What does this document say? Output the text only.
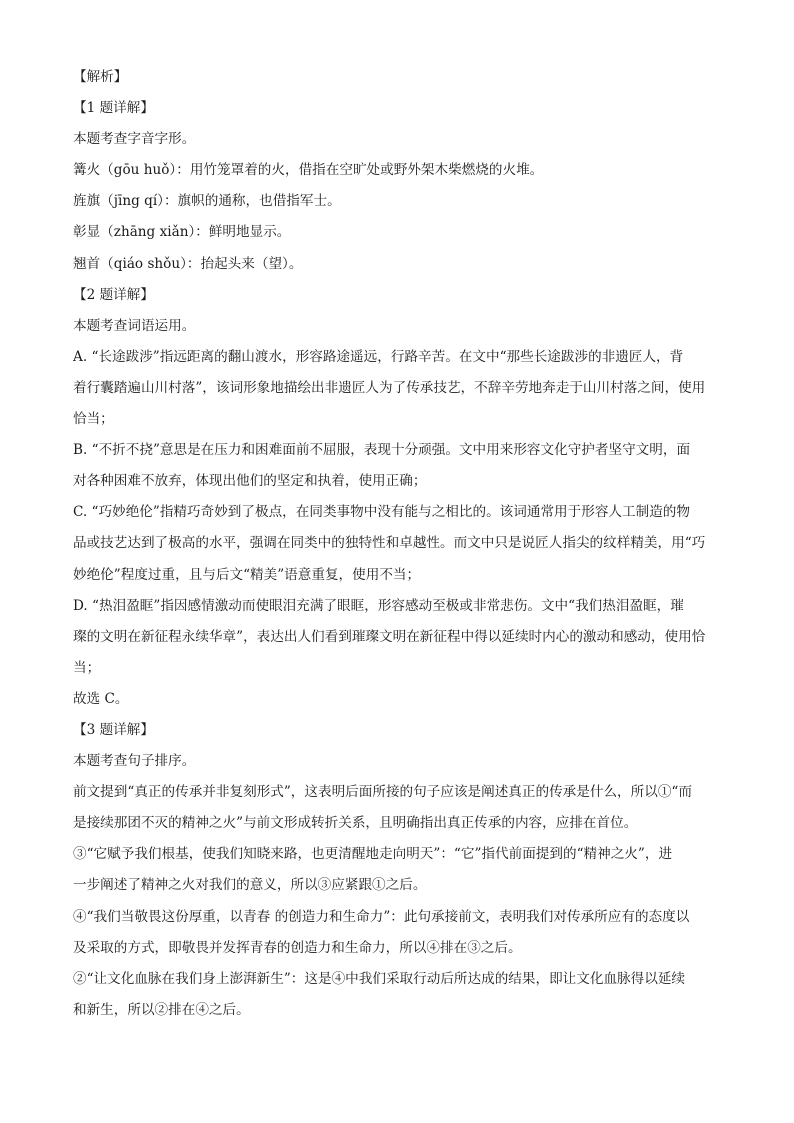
【解析】

【1 题详解】

本题考查字音字形。

篝火（gōu huǒ）：用竹笼罩着的火，借指在空旷处或野外架木柴燃烧的火堆。

旌旗（jīng qí）：旗帜的通称，也借指军士。

彰显（zhāng xiǎn）：鲜明地显示。

翘首（qiáo shǒu）：抬起头来（望）。

【2 题详解】

本题考查词语运用。

A. “长途跋涉”指远距离的翻山渡水，形容路途遥远，行路辛苦。在文中“那些长途跋涉的非遗匠人，背

着行囊踏遍山川村落”，该词形象地描绘出非遗匠人为了传承技艺，不辞辛劳地奔走于山川村落之间，使用

恰当；

B. “不折不挠”意思是在压力和困难面前不屈服，表现十分顽强。文中用来形容文化守护者坚守文明，面

对各种困难不放弃，体现出他们的坚定和执着，使用正确；

C. “巧妙绝伦”指精巧奇妙到了极点，在同类事物中没有能与之相比的。该词通常用于形容人工制造的物

品或技艺达到了极高的水平，强调在同类中的独特性和卓越性。而文中只是说匠人指尖的纹样精美，用“巧

妙绝伦”程度过重，且与后文“精美”语意重复，使用不当；

D. “热泪盈眶”指因感情激动而使眼泪充满了眼眶，形容感动至极或非常悲伤。文中“我们热泪盈眶，璀

璨的文明在新征程永续华章”，表达出人们看到璀璨文明在新征程中得以延续时内心的激动和感动，使用恰

当；

故选 C。

【3 题详解】

本题考查句子排序。

前文提到“真正的传承并非复刻形式”，这表明后面所接的句子应该是阐述真正的传承是什么，所以①“而

是接续那团不灭的精神之火”与前文形成转折关系，且明确指出真正传承的内容，应排在首位。

③“它赋予我们根基，使我们知晓来路，也更清醒地走向明天”：“它”指代前面提到的“精神之火”，进

一步阐述了精神之火对我们的意义，所以③应紧跟①之后。

④“我们当敬畏这份厚重，以青春 的创造力和生命力”：此句承接前文，表明我们对传承所应有的态度以

及采取的方式，即敬畏并发挥青春的创造力和生命力，所以④排在③之后。

②“让文化血脉在我们身上澎湃新生”：这是④中我们采取行动后所达成的结果，即让文化血脉得以延续

和新生，所以②排在④之后。
